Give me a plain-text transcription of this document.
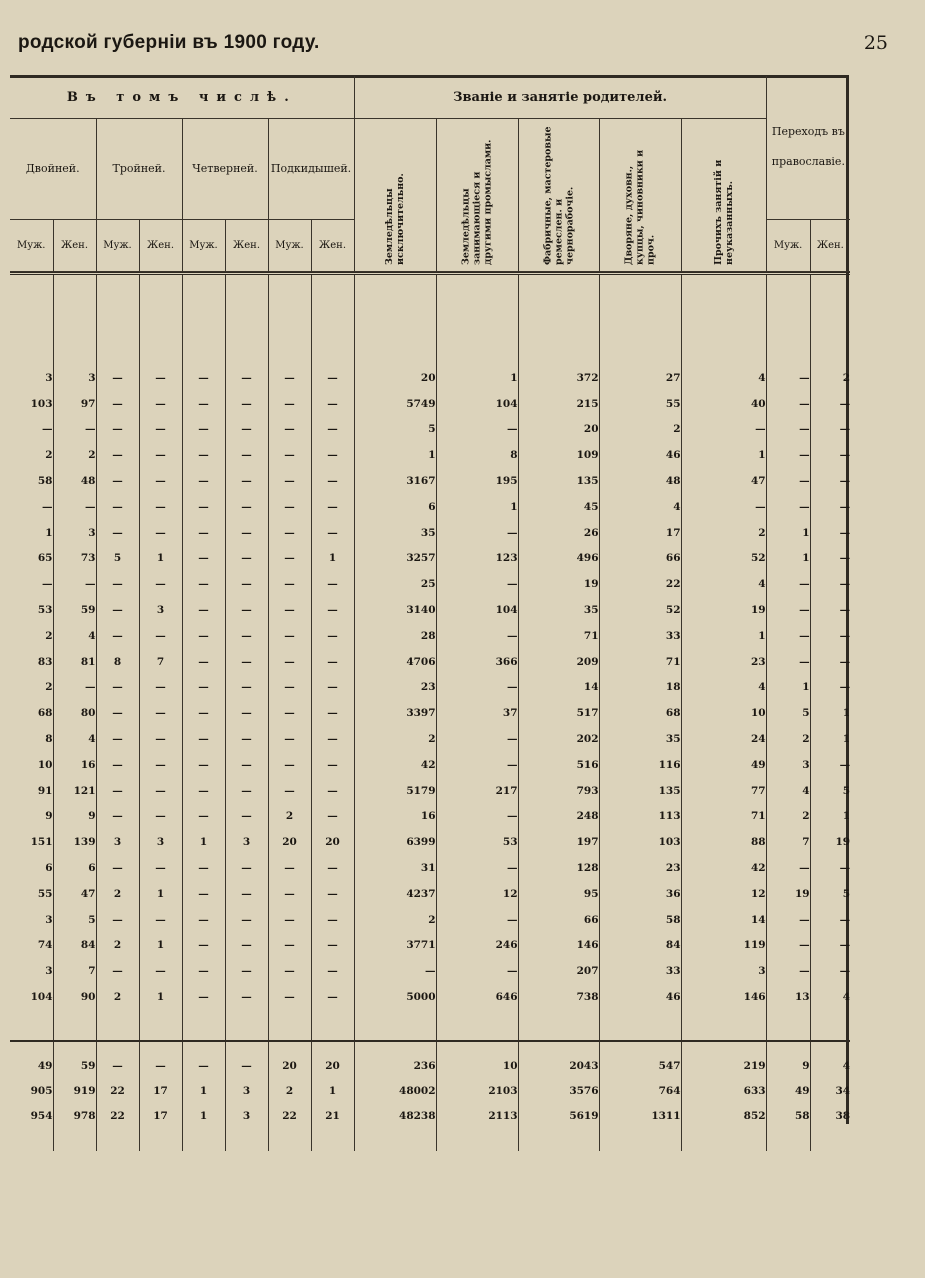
родской губерніи въ 1900 году.	25
Въ томъ числѣ.								Званіе и занятіе родителей.					Переходъ въ православіе.	
Двойней.		Тройней.		Четверней.		Подкидышей.		Земледѣльцы исключительно.	Земледѣльцы занимающіеся и другими промыслами.	Фабричные, мастеровые ремеслен. и чернорабочіе.	Дворяне, духовн., купцы, чиновники и проч.	Прочихъ занятій и неуказанныхъ.		

Муж.	Жен.	Муж.	Жен.	Муж.	Жен.	Муж.	Жен.						Муж.	Жен.

3	3	—	—	—	—	—	—	20	1	372	27	4	—	2
103	97	—	—	—	—	—	—	5749	104	215	55	40	—	—
—	—	—	—	—	—	—	—	5	—	20	2	—	—	—
2	2	—	—	—	—	—	—	1	8	109	46	1	—	—
58	48	—	—	—	—	—	—	3167	195	135	48	47	—	—
—	—	—	—	—	—	—	—	6	1	45	4	—	—	—
1	3	—	—	—	—	—	—	35	—	26	17	2	1	—
65	73	5	1	—	—	—	1	3257	123	496	66	52	1	—
—	—	—	—	—	—	—	—	25	—	19	22	4	—	—
53	59	—	3	—	—	—	—	3140	104	35	52	19	—	—
2	4	—	—	—	—	—	—	28	—	71	33	1	—	—
83	81	8	7	—	—	—	—	4706	366	209	71	23	—	—
2	—	—	—	—	—	—	—	23	—	14	18	4	1	—
68	80	—	—	—	—	—	—	3397	37	517	68	10	5	1
8	4	—	—	—	—	—	—	2	—	202	35	24	2	1
10	16	—	—	—	—	—	—	42	—	516	116	49	3	—
91	121	—	—	—	—	—	—	5179	217	793	135	77	4	5
9	9	—	—	—	—	2	—	16	—	248	113	71	2	1
151	139	3	3	1	3	20	20	6399	53	197	103	88	7	19
6	6	—	—	—	—	—	—	31	—	128	23	42	—	—
55	47	2	1	—	—	—	—	4237	12	95	36	12	19	5
3	5	—	—	—	—	—	—	2	—	66	58	14	—	—
74	84	2	1	—	—	—	—	3771	246	146	84	119	—	—
3	7	—	—	—	—	—	—	—	—	207	33	3	—	—
104	90	2	1	—	—	—	—	5000	646	738	46	146	13	4

49	59	—	—	—	—	20	20	236	10	2043	547	219	9	4
905	919	22	17	1	3	2	1	48002	2103	3576	764	633	49	34
954	978	22	17	1	3	22	21	48238	2113	5619	1311	852	58	38
